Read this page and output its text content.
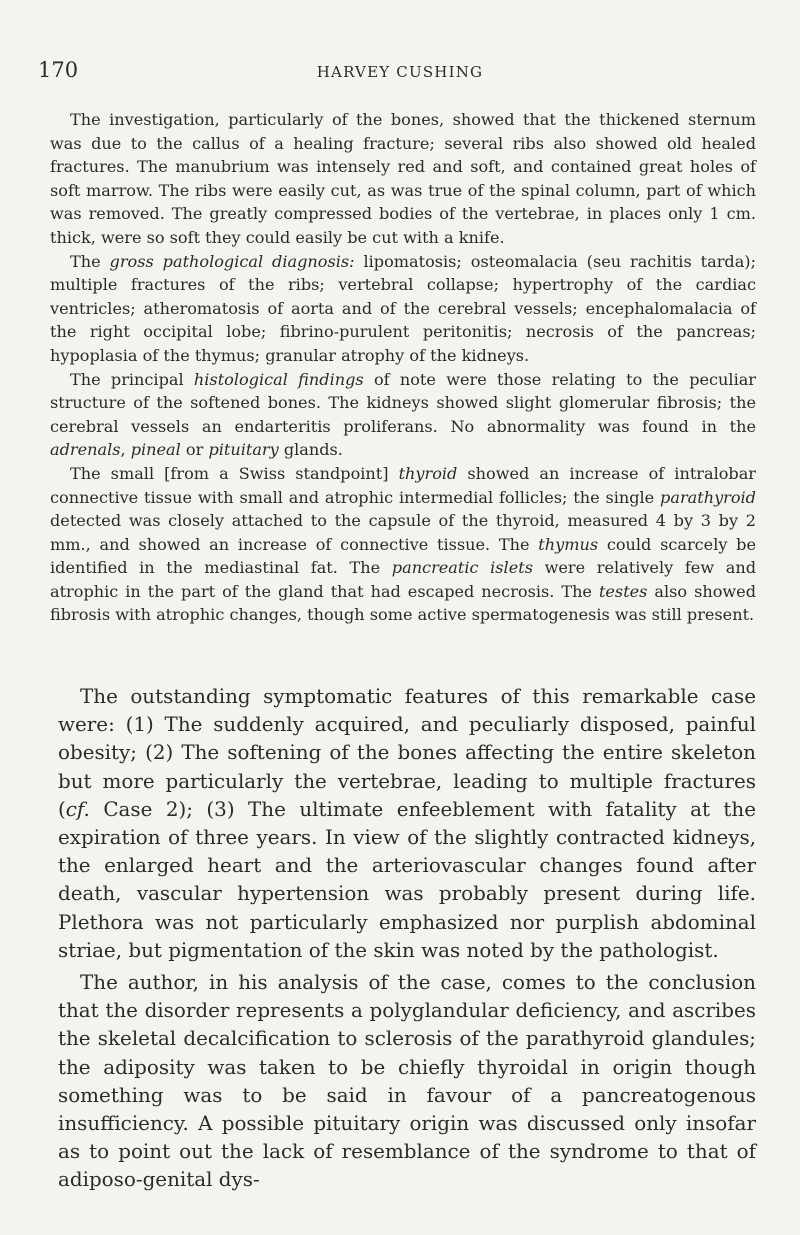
170	HARVEY CUSHING

The investigation, particularly of the bones, showed that the thickened sternum was due to the callus of a healing fracture; several ribs also showed old healed fractures. The manubrium was intensely red and soft, and contained great holes of soft marrow. The ribs were easily cut, as was true of the spinal column, part of which was removed. The greatly compressed bodies of the vertebrae, in places only 1 cm. thick, were so soft they could easily be cut with a knife.

The gross pathological diagnosis: lipomatosis; osteomalacia (seu rachitis tarda); multiple fractures of the ribs; vertebral collapse; hypertrophy of the cardiac ventricles; atheromatosis of aorta and of the cerebral vessels; encephalomalacia of the right occipital lobe; fibrino-purulent peritonitis; necrosis of the pancreas; hypoplasia of the thymus; granular atrophy of the kidneys.

The principal histological findings of note were those relating to the peculiar structure of the softened bones. The kidneys showed slight glomerular fibrosis; the cerebral vessels an endarteritis proliferans. No abnormality was found in the adrenals, pineal or pituitary glands.

The small [from a Swiss standpoint] thyroid showed an increase of intralobar connective tissue with small and atrophic intermedial follicles; the single parathyroid detected was closely attached to the capsule of the thyroid, measured 4 by 3 by 2 mm., and showed an increase of connective tissue. The thymus could scarcely be identified in the mediastinal fat. The pancreatic islets were relatively few and atrophic in the part of the gland that had escaped necrosis. The testes also showed fibrosis with atrophic changes, though some active spermatogenesis was still present.

The outstanding symptomatic features of this remarkable case were: (1) The suddenly acquired, and peculiarly disposed, painful obesity; (2) The softening of the bones affecting the entire skeleton but more particularly the vertebrae, leading to multiple fractures (cf. Case 2); (3) The ultimate enfeeblement with fatality at the expiration of three years. In view of the slightly contracted kidneys, the enlarged heart and the arteriovascular changes found after death, vascular hypertension was probably present during life. Plethora was not particularly emphasized nor purplish abdominal striae, but pigmentation of the skin was noted by the pathologist.

The author, in his analysis of the case, comes to the conclusion that the disorder represents a polyglandular deficiency, and ascribes the skeletal decalcification to sclerosis of the parathyroid glandules; the adiposity was taken to be chiefly thyroidal in origin though something was to be said in favour of a pancreatogenous insufficiency. A possible pituitary origin was discussed only insofar as to point out the lack of resemblance of the syndrome to that of adiposo-genital dys-
